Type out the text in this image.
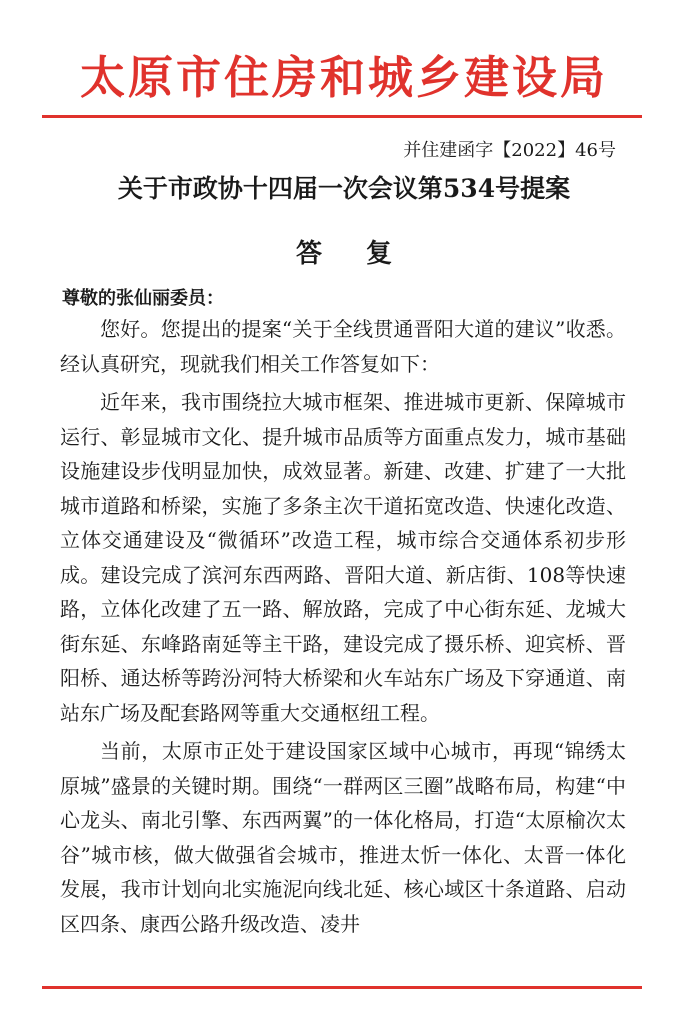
太原市住房和城乡建设局
并住建函字【2022】46号
关于市政协十四届一次会议第534号提案
答复
尊敬的张仙丽委员：

您好。您提出的提案“关于全线贯通晋阳大道的建议”收悉。经认真研究，现就我们相关工作答复如下：

近年来，我市围绕拉大城市框架、推进城市更新、保障城市运行、彰显城市文化、提升城市品质等方面重点发力，城市基础设施建设步伐明显加快，成效显著。新建、改建、扩建了一大批城市道路和桥梁，实施了多条主次干道拓宽改造、快速化改造、立体交通建设及“微循环”改造工程，城市综合交通体系初步形成。建设完成了滨河东西两路、晋阳大道、新店街、108等快速路，立体化改建了五一路、解放路，完成了中心街东延、龙城大街东延、东峰路南延等主干路，建设完成了摄乐桥、迎宾桥、晋阳桥、通达桥等跨汾河特大桥梁和火车站东广场及下穿通道、南站东广场及配套路网等重大交通枢纽工程。

当前，太原市正处于建设国家区域中心城市，再现“锦绣太原城”盛景的关键时期。围绕“一群两区三圈”战略布局，构建“中心龙头、南北引擎、东西两翼”的一体化格局，打造“太原榆次太谷”城市核，做大做强省会城市，推进太忻一体化、太晋一体化发展，我市计划向北实施泥向线北延、核心域区十条道路、启动区四条、康西公路升级改造、凌井
